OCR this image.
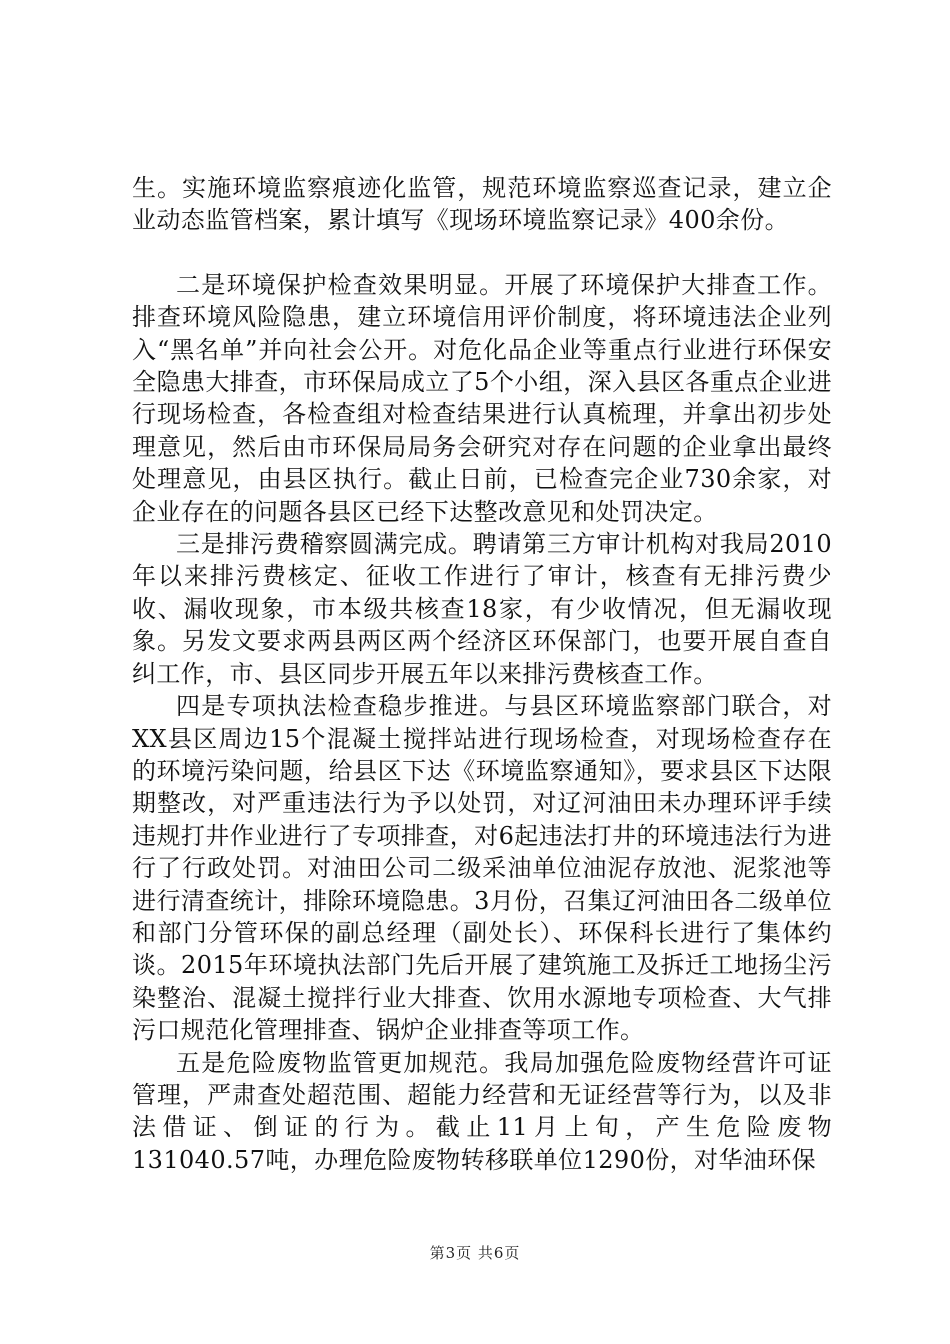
生。实施环境监察痕迹化监管，规范环境监察巡查记录，建立企业动态监管档案，累计填写《现场环境监察记录》400余份。

二是环境保护检查效果明显。开展了环境保护大排查工作。排查环境风险隐患，建立环境信用评价制度，将环境违法企业列入“黑名单”并向社会公开。对危化品企业等重点行业进行环保安全隐患大排查，市环保局成立了5个小组，深入县区各重点企业进行现场检查，各检查组对检查结果进行认真梳理，并拿出初步处理意见，然后由市环保局局务会研究对存在问题的企业拿出最终处理意见，由县区执行。截止日前，已检查完企业730余家，对企业存在的问题各县区已经下达整改意见和处罚决定。

三是排污费稽察圆满完成。聘请第三方审计机构对我局2010年以来排污费核定、征收工作进行了审计，核查有无排污费少收、漏收现象，市本级共核查18家，有少收情况，但无漏收现象。另发文要求两县两区两个经济区环保部门，也要开展自查自纠工作，市、县区同步开展五年以来排污费核查工作。

四是专项执法检查稳步推进。与县区环境监察部门联合，对XX县区周边15个混凝土搅拌站进行现场检查，对现场检查存在的环境污染问题，给县区下达《环境监察通知》，要求县区下达限期整改，对严重违法行为予以处罚，对辽河油田未办理环评手续违规打井作业进行了专项排查，对6起违法打井的环境违法行为进行了行政处罚。对油田公司二级采油单位油泥存放池、泥浆池等进行清查统计，排除环境隐患。3月份，召集辽河油田各二级单位和部门分管环保的副总经理（副处长）、环保科长进行了集体约谈。2015年环境执法部门先后开展了建筑施工及拆迁工地扬尘污染整治、混凝土搅拌行业大排查、饮用水源地专项检查、大气排污口规范化管理排查、锅炉企业排查等项工作。

五是危险废物监管更加规范。我局加强危险废物经营许可证管理，严肃查处超范围、超能力经营和无证经营等行为，以及非法借证、倒证的行为。截止11月上旬，产生危险废物131040.57吨，办理危险废物转移联单位1290份，对华油环保

第3页 共6页
